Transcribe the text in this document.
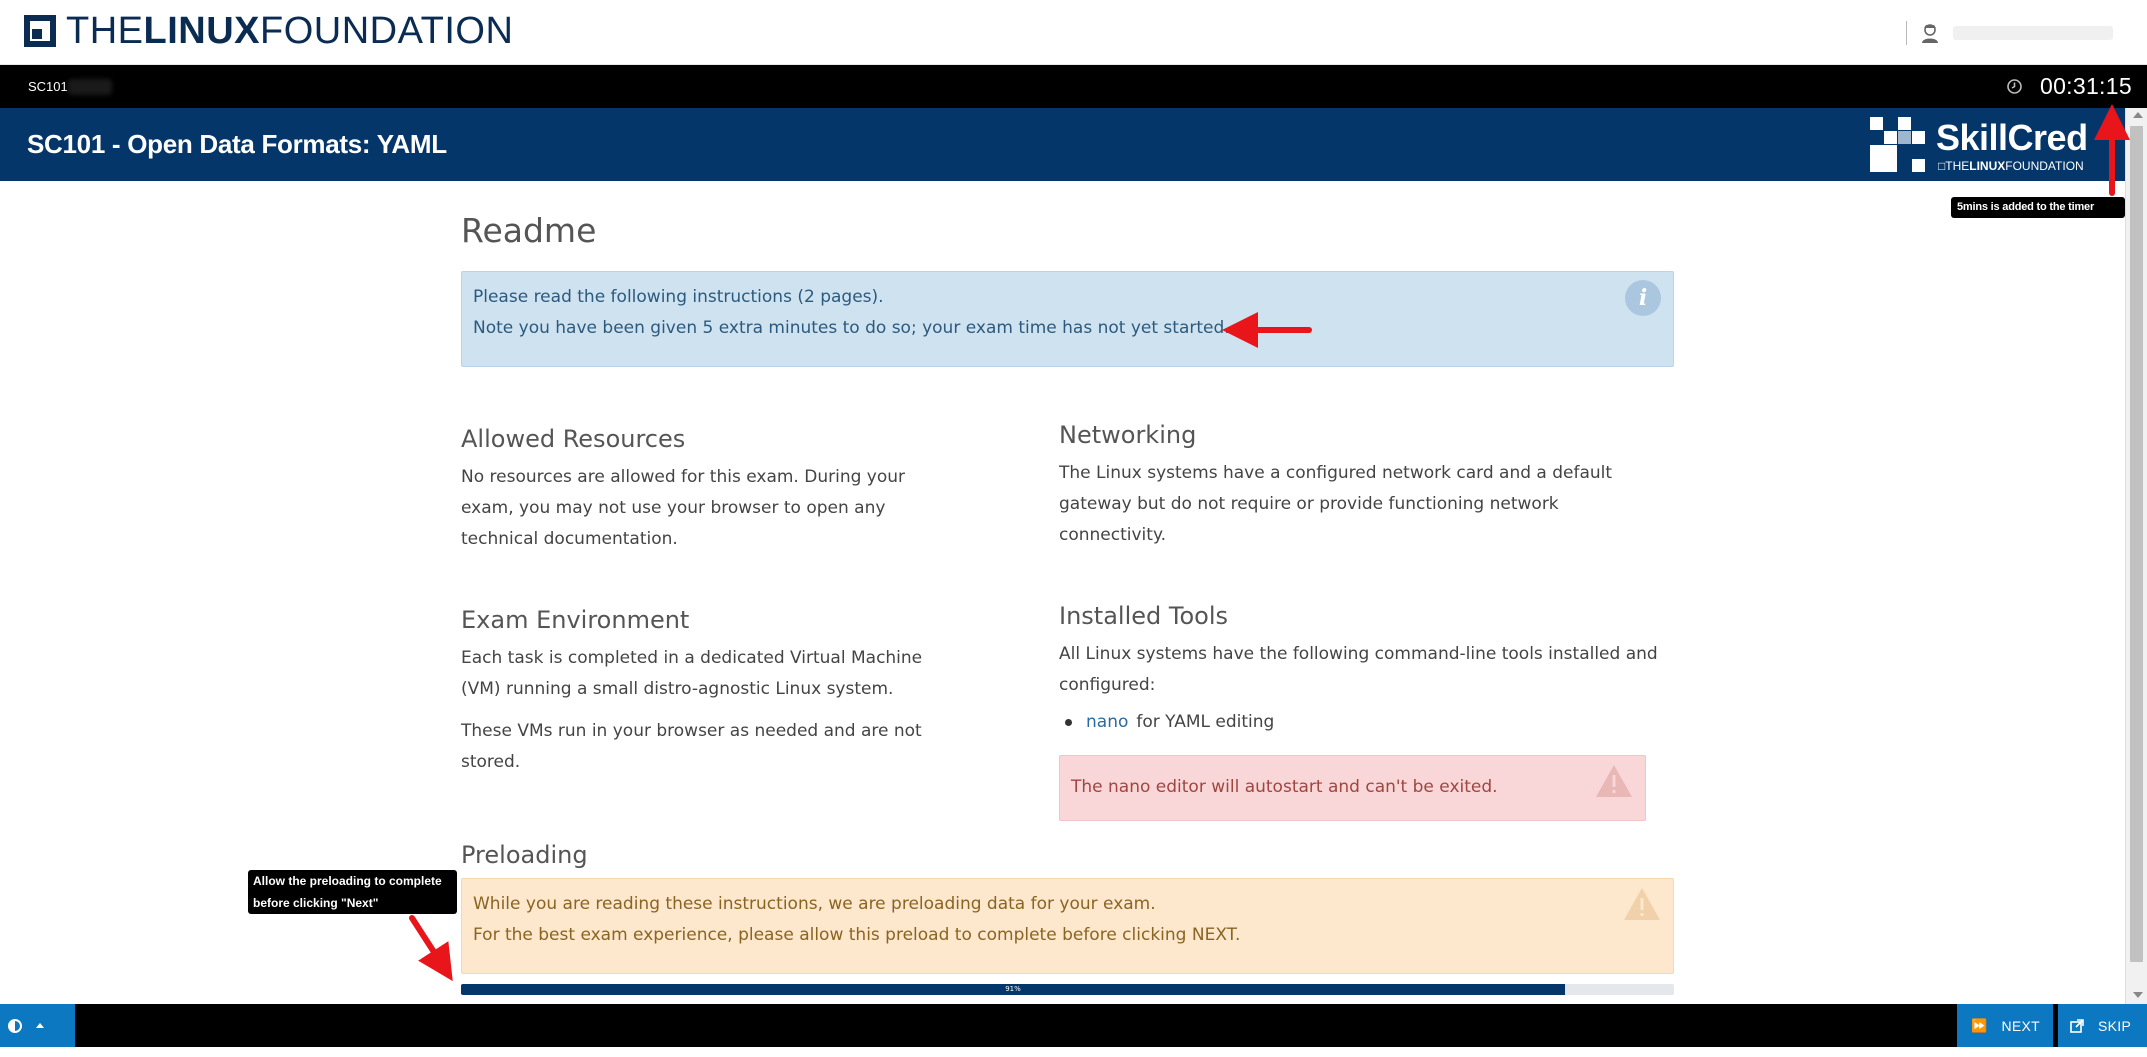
THELINUXFOUNDATION
SC101	00:31:15
SC101 - Open Data Formats: YAML	SkillCred
□THELINUXFOUNDATION
Readme

Please read the following instructions (2 pages).

Note you have been given 5 extra minutes to do so; your exam time has not yet started.

i
Allowed Resources

No resources are allowed for this exam. During your exam, you may not use your browser to open any technical documentation.

Networking

The Linux systems have a configured network card and a default gateway but do not require or provide functioning network connectivity.

Exam Environment

Each task is completed in a dedicated Virtual Machine (VM) running a small distro-agnostic Linux system.

These VMs run in your browser as needed and are not stored.

Installed Tools

All Linux systems have the following command-line tools installed and configured:

nano for YAML editing

The nano editor will autostart and can't be exited.

Preloading

While you are reading these instructions, we are preloading data for your exam.

For the best exam experience, please allow this preload to complete before clicking NEXT.

91%
⏩ NEXT	SKIP
5mins is added to the timer
Allow the preloading to complete
before clicking "Next"
